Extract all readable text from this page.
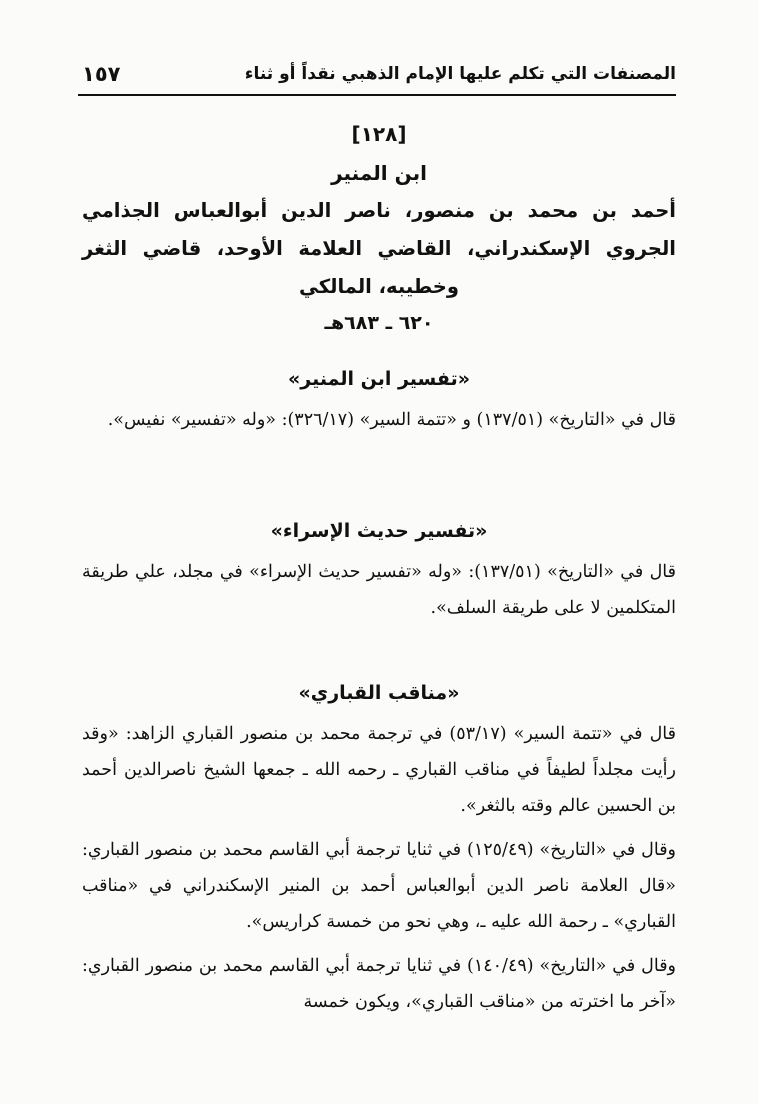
المصنفات التي تكلم عليها الإمام الذهبي نقداً أو ثناء
١٥٧
[١٢٨]
ابن المنير
أحمد بن محمد بن منصور، ناصر الدين أبوالعباس الجذامي الجروي الإسكندراني، القاضي العلامة الأوحد، قاضي الثغر وخطيبه، المالكي
٦٢٠ ـ ٦٨٣هـ
«تفسير ابن المنير»

قال في «التاريخ» (١٣٧/٥١) و «تتمة السير» (٣٢٦/١٧): «وله «تفسير» نفيس».

«تفسير حديث الإسراء»

قال في «التاريخ» (١٣٧/٥١): «وله «تفسير حديث الإسراء» في مجلد، علي طريقة المتكلمين لا على طريقة السلف».

«مناقب القباري»

قال في «تتمة السير» (٥٣/١٧) في ترجمة محمد بن منصور القباري الزاهد: «وقد رأيت مجلداً لطيفاً في مناقب القباري ـ رحمه الله ـ جمعها الشيخ ناصرالدين أحمد بن الحسين عالم وقته بالثغر».

وقال في «التاريخ» (١٢٥/٤٩) في ثنايا ترجمة أبي القاسم محمد بن منصور القباري: «قال العلامة ناصر الدين أبوالعباس أحمد بن المنير الإسكندراني في «مناقب القباري» ـ رحمة الله عليه ـ، وهي نحو من خمسة كراريس».

وقال في «التاريخ» (١٤٠/٤٩) في ثنايا ترجمة أبي القاسم محمد بن منصور القباري: «آخر ما اخترته من «مناقب القباري»، ويكون خمسة
